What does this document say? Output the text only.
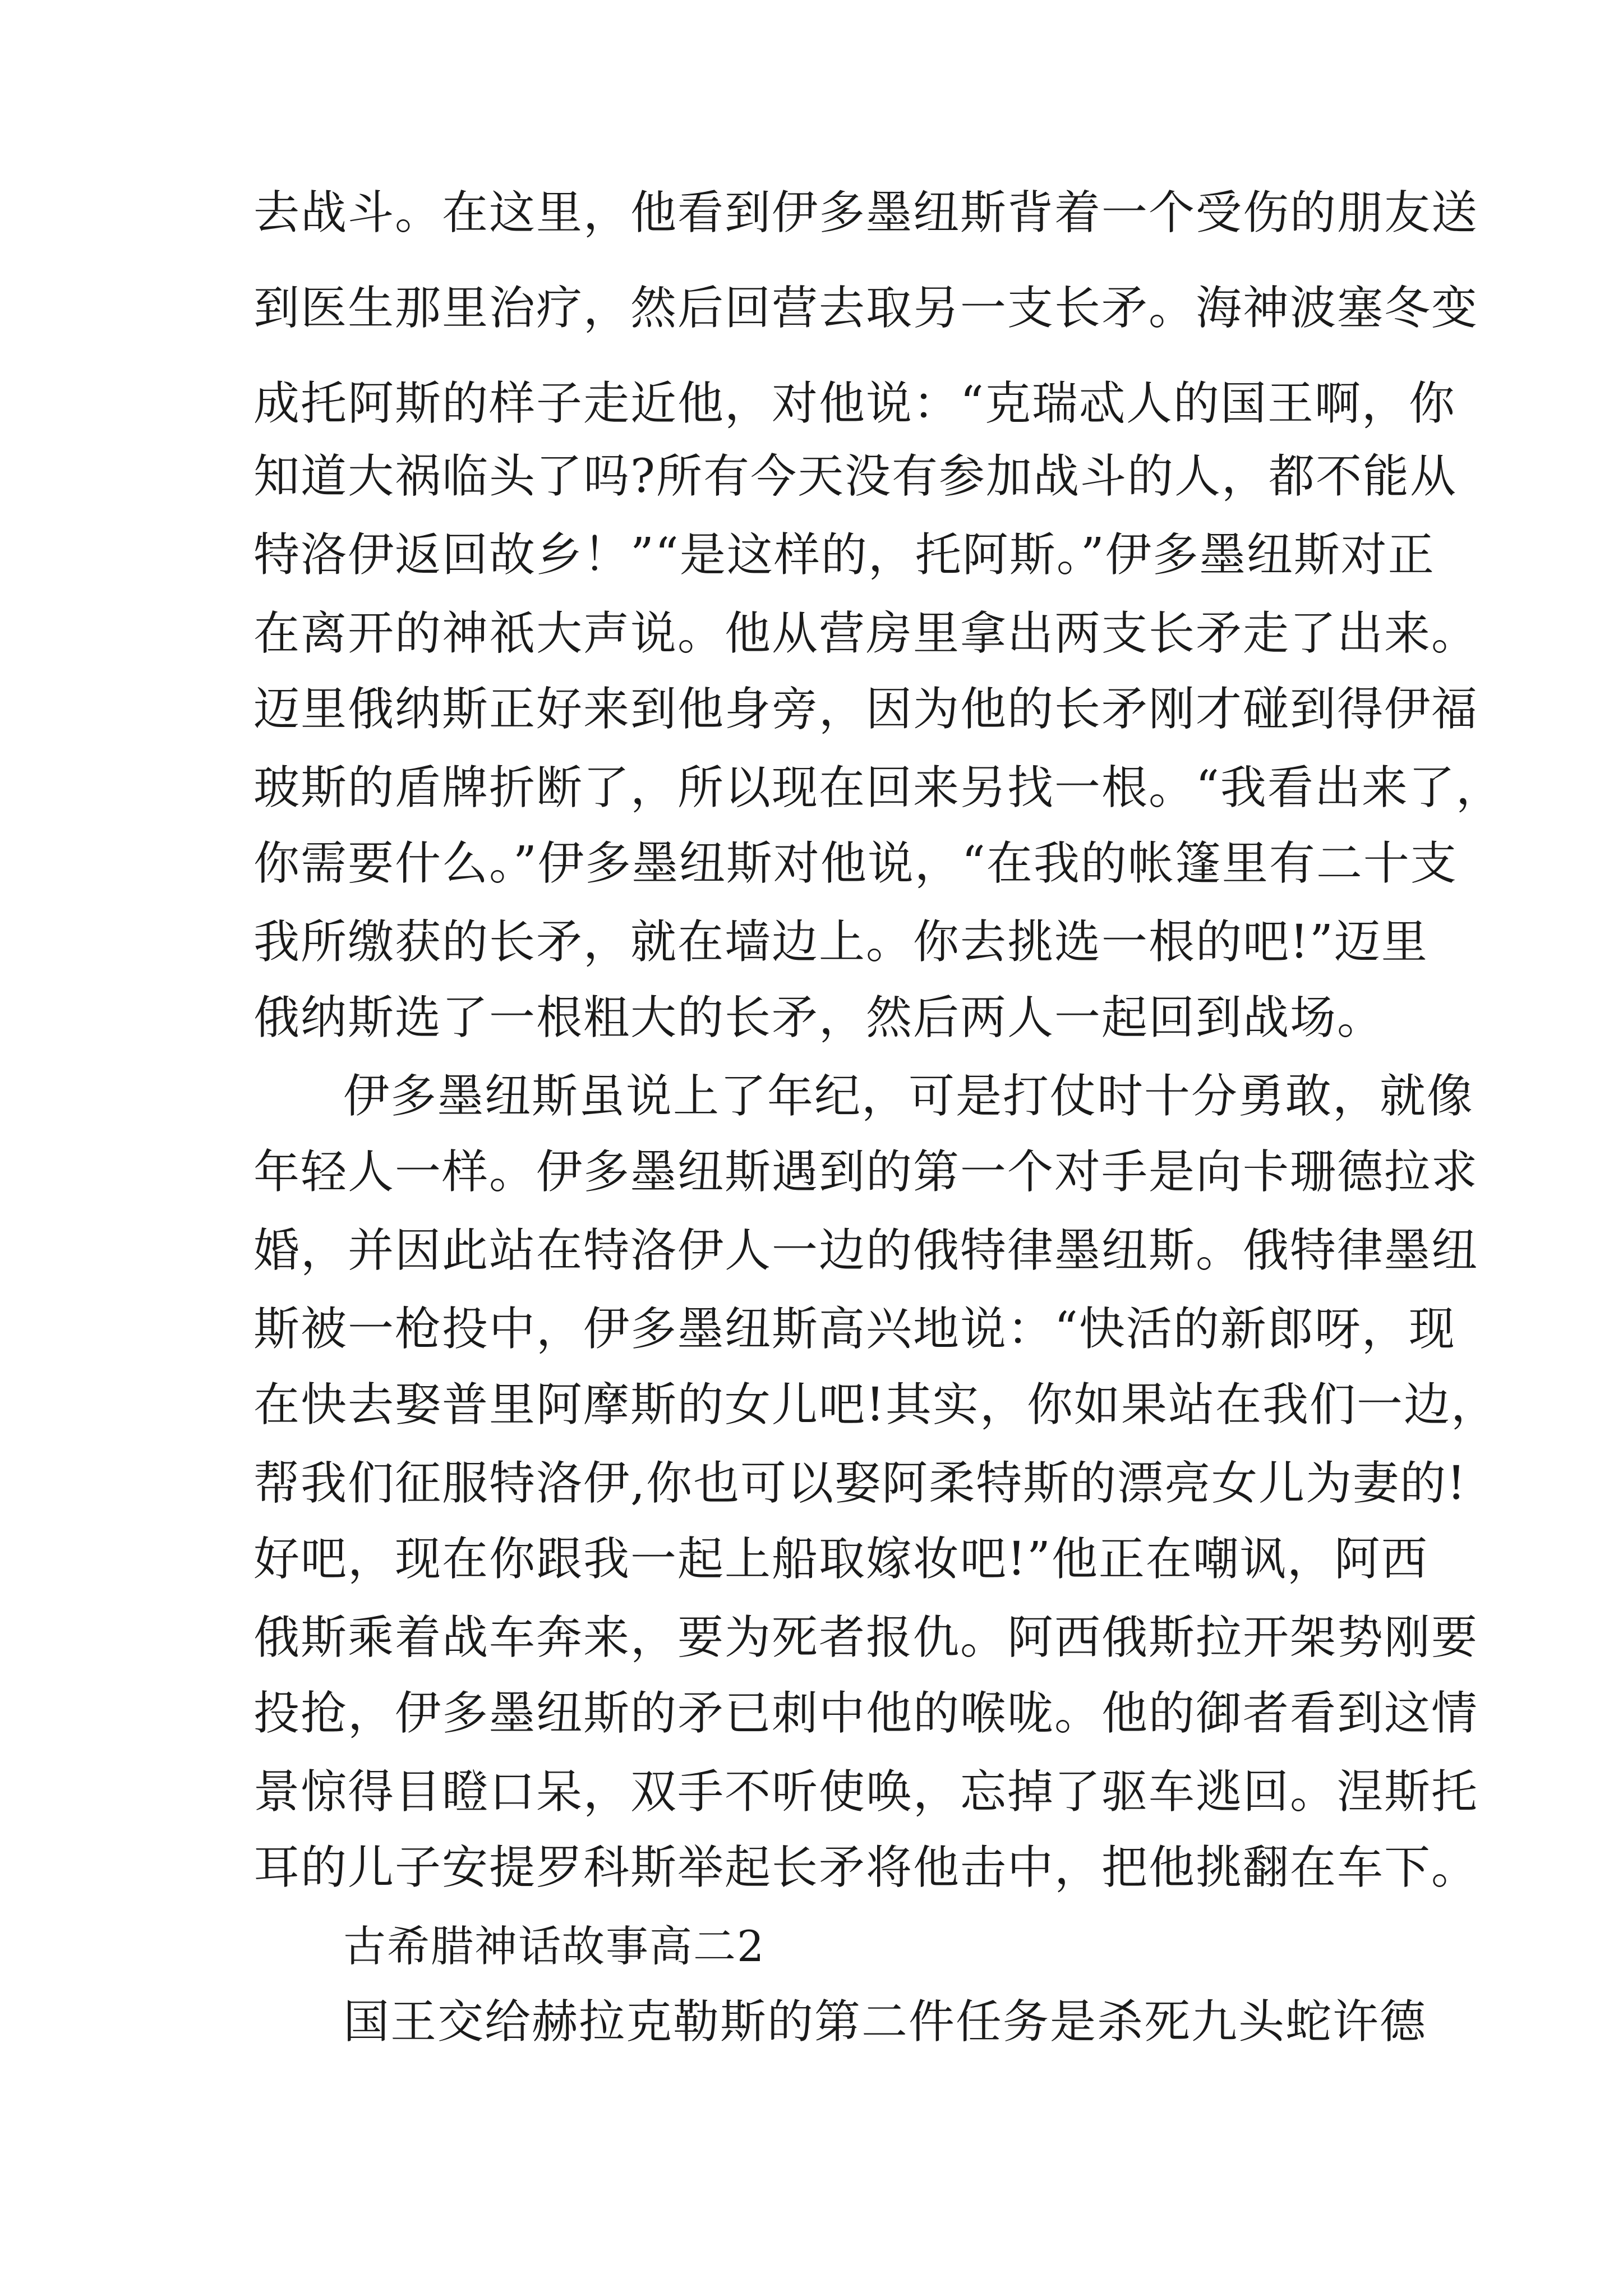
去战斗。在这里，他看到伊多墨纽斯背着一个受伤的朋友送
到医生那里治疗，然后回营去取另一支长矛。海神波塞冬变
成托阿斯的样子走近他，对他说：“克瑞忒人的国王啊，你
知道大祸临头了吗?所有今天没有参加战斗的人，都不能从
特洛伊返回故乡！”“是这样的，托阿斯。”伊多墨纽斯对正
在离开的神祇大声说。他从营房里拿出两支长矛走了出来。
迈里俄纳斯正好来到他身旁，因为他的长矛刚才碰到得伊福
玻斯的盾牌折断了，所以现在回来另找一根。“我看出来了，
你需要什么。”伊多墨纽斯对他说，“在我的帐篷里有二十支
我所缴获的长矛，就在墙边上。你去挑选一根的吧!”迈里
俄纳斯选了一根粗大的长矛，然后两人一起回到战场。
伊多墨纽斯虽说上了年纪，可是打仗时十分勇敢，就像
年轻人一样。伊多墨纽斯遇到的第一个对手是向卡珊德拉求
婚，并因此站在特洛伊人一边的俄特律墨纽斯。俄特律墨纽
斯被一枪投中，伊多墨纽斯高兴地说：“快活的新郎呀，现
在快去娶普里阿摩斯的女儿吧!其实，你如果站在我们一边，
帮我们征服特洛伊,你也可以娶阿柔特斯的漂亮女儿为妻的!
好吧，现在你跟我一起上船取嫁妆吧!”他正在嘲讽，阿西
俄斯乘着战车奔来，要为死者报仇。阿西俄斯拉开架势刚要
投抢，伊多墨纽斯的矛已刺中他的喉咙。他的御者看到这情
景惊得目瞪口呆，双手不听使唤，忘掉了驱车逃回。涅斯托
耳的儿子安提罗科斯举起长矛将他击中，把他挑翻在车下。
古希腊神话故事高二2
国王交给赫拉克勒斯的第二件任务是杀死九头蛇许德
